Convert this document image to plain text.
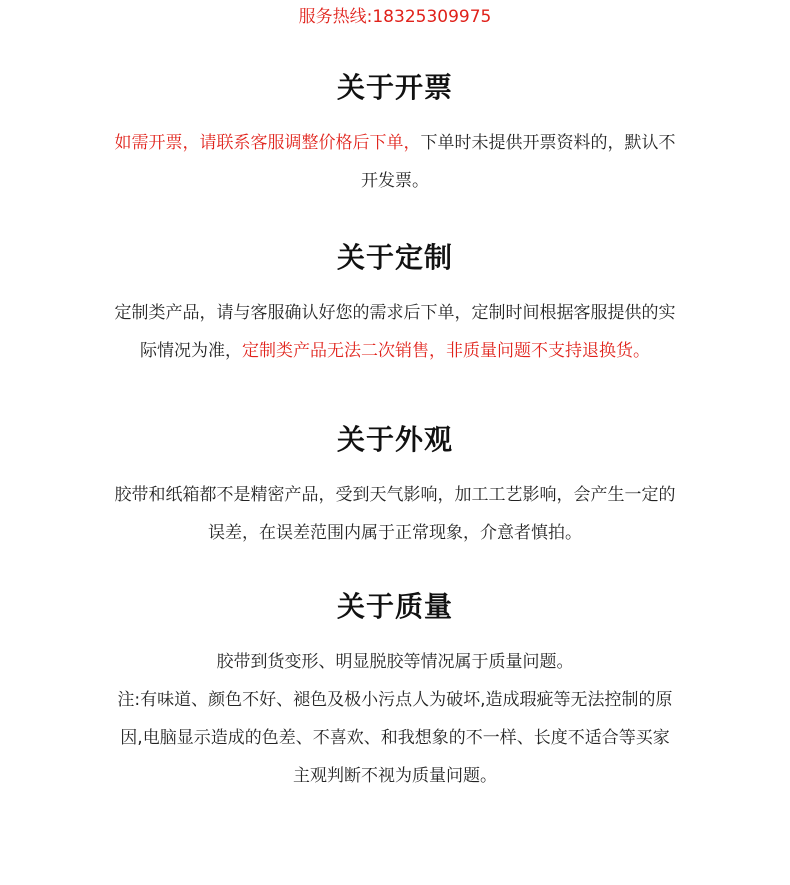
服务热线:18325309975
关于开票
如需开票，请联系客服调整价格后下单，下单时未提供开票资料的，默认不
开发票。
关于定制
定制类产品，请与客服确认好您的需求后下单，定制时间根据客服提供的实
际情况为准，定制类产品无法二次销售，非质量问题不支持退换货。
关于外观
胶带和纸箱都不是精密产品，受到天气影响，加工工艺影响，会产生一定的
误差，在误差范围内属于正常现象，介意者慎拍。
关于质量
胶带到货变形、明显脱胶等情况属于质量问题。
注:有味道、颜色不好、褪色及极小污点人为破坏,造成瑕疵等无法控制的原
因,电脑显示造成的色差、不喜欢、和我想象的不一样、长度不适合等买家
主观判断不视为质量问题。
